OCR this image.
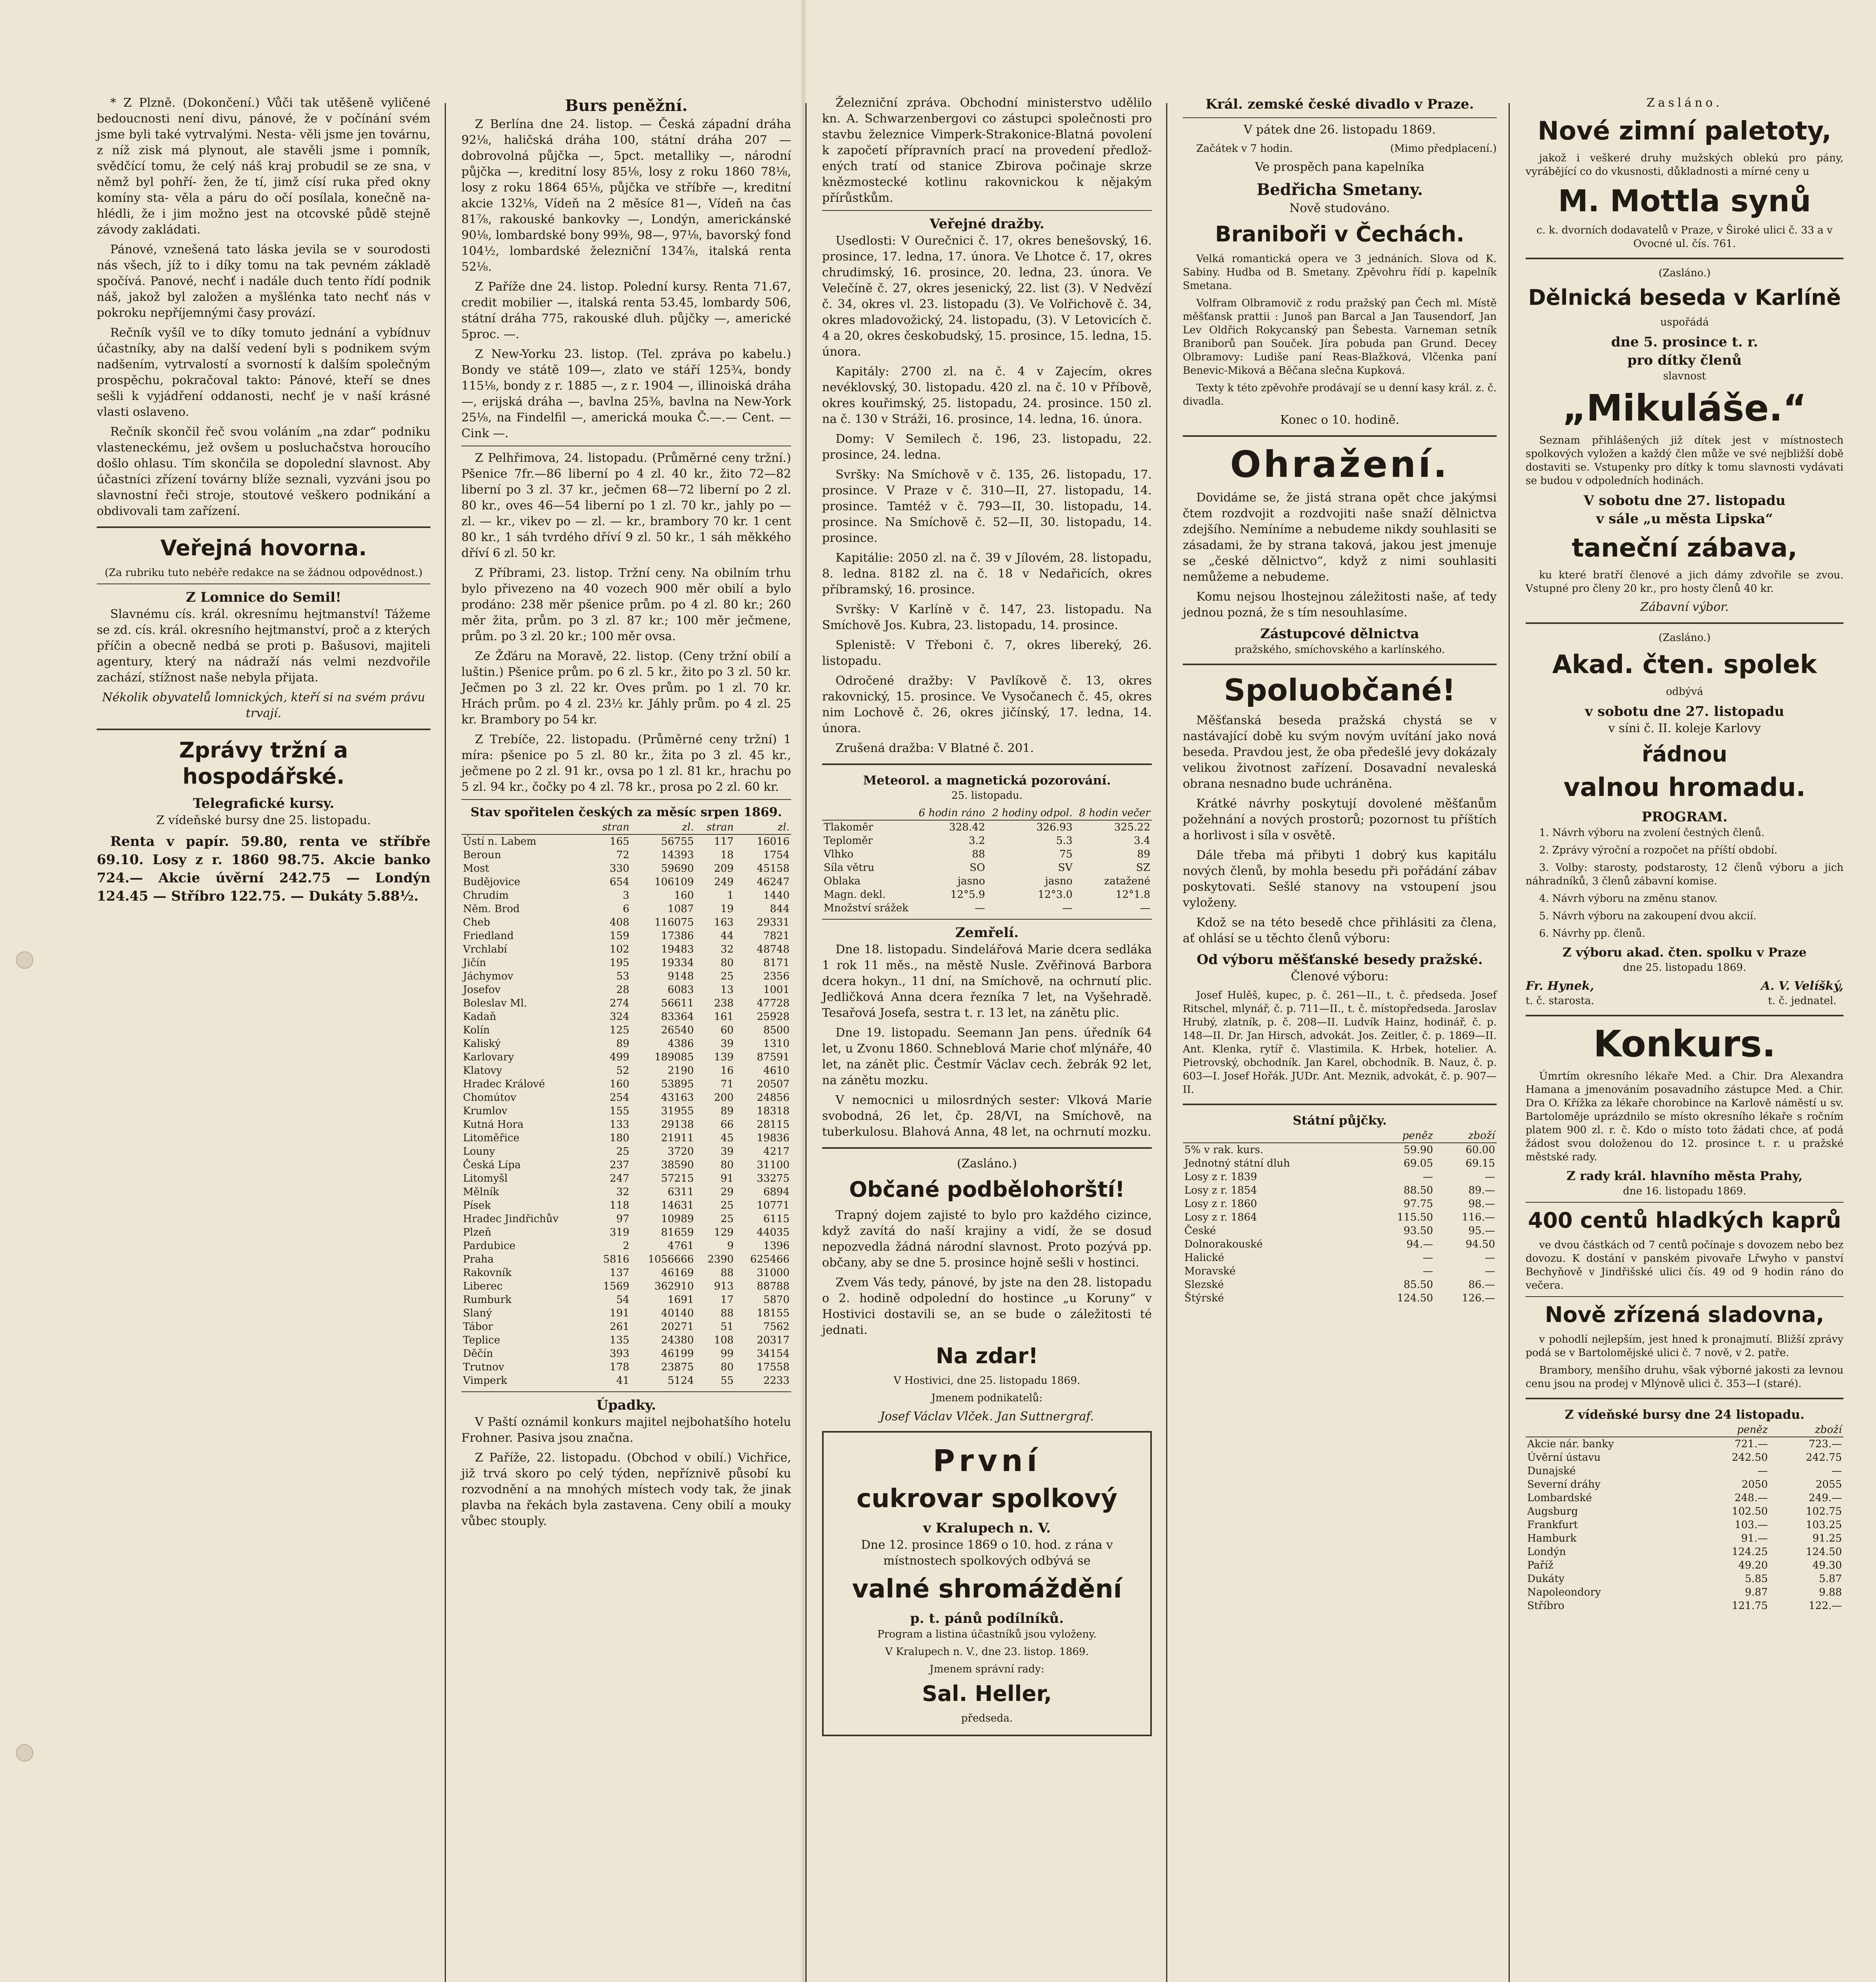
* Z Plzně. (Dokončení.) Vůči tak utěšeně vyličené bedoucnosti není divu, pánové, že v počínání svém jsme byli také vytrvalými. Nesta- věli jsme jen továrnu, z níž zisk má plynout, ale stavěli jsme i pomník, svědčící tomu, že celý náš kraj probudil se ze sna, v němž byl pohří- žen, že tí, jimž císí ruka před okny komíny sta- věla a páru do očí posílala, konečně na- hlédli, že i jim možno jest na otcovské půdě stejně závody zakládati.

Pánové, vznešená tato láska jevila se v sourodosti nás všech, jíž to i díky tomu na tak pevném základě spočívá. Panové, nechť i nadále duch tento řídí podnik náš, jakož byl založen a myšlénka tato nechť nás v pokroku nepříjemnými časy provází.

Rečník vyšíl ve to díky tomuto jednání a vybídnuv účastníky, aby na další vedení byli s podnikem svým nadšením, vytrvalostí a svorností k dalším společným prospěchu, pokračoval takto: Pánové, kteří se dnes sešli k vyjádření oddanosti, nechť je v naší krásné vlasti oslaveno.

Rečník skončil řeč svou voláním „na zdar“ podniku vlasteneckému, jež ovšem u posluchačstva horoucího došlo ohlasu. Tím skončila se dopolední slavnost. Aby účastníci zřízení továrny blíže seznali, vyzváni jsou po slavnostní řeči stroje, stoutové veškero podnikání a obdivovali tam zařízení.

Veřejná hovorna.

(Za rubriku tuto nebéře redakce na se žádnou odpovědnost.)

Z Lomnice do Semil!

Slavnému cís. král. okresnímu hejtmanství! Tážeme se zd. cís. král. okresního hejtmanství, proč a z kterých příčin a obecně nedbá se proti p. Bašusovi, majiteli agentury, který na nádraží nás velmi nezdvořile zachází, stížnost naše nebyla přijata.

Nékolik obyvatelů lomnických, kteří si na svém právu trvají.

Zprávy tržní a hospodářské.
Telegrafické kursy.

Z vídeňské bursy dne 25. listopadu.

Renta v papír. 59.80, renta ve stříbře 69.10. Losy z r. 1860 98.75. Akcie banko 724.— Akcie úvěrní 242.75 — Londýn 124.45 — Stříbro 122.75. — Dukáty 5.88½.

Burs peněžní.

Z Berlína dne 24. listop. — Česká západní dráha 92⅛, haličská dráha 100, státní dráha 207 — dobrovolná půjčka —, 5pct. metalliky —, národní půjčka —, kreditní losy 85⅛, losy z roku 1860 78⅛, losy z roku 1864 65⅛, půjčka ve stříbře —, kreditní akcie 132⅛, Vídeň na 2 měsíce 81—, Vídeň na čas 81⅞, rakouské bankovky —, Londýn, americkánské 90⅛, lombardské bony 99⅜, 98—, 97⅛, bavorský fond 104½, lombardské železniční 134⅞, italská renta 52⅛.

Z Paříže dne 24. listop. Polední kursy. Renta 71.67, credit mobilier —, italská renta 53.45, lombardy 506, státní dráha 775, rakouské dluh. půjčky —, americké 5proc. —.

Z New-Yorku 23. listop. (Tel. zpráva po kabelu.) Bondy ve státě 109—, zlato ve stáří 125¾, bondy 115⅛, bondy z r. 1885 —, z r. 1904 —, illinoiská dráha —, erijská dráha —, bavlna 25⅜, bavlna na New-York 25⅛, na Findelfil —, americká mouka Č.—.— Cent. — Cink —.

Z Pelhřimova, 24. listopadu. (Průměrné ceny tržní.) Pšenice 7fr.—86 liberní po 4 zl. 40 kr., žito 72—82 liberní po 3 zl. 37 kr., ječmen 68—72 liberní po 2 zl. 80 kr., oves 46—54 liberní po 1 zl. 70 kr., jahly po — zl. — kr., vikev po — zl. — kr., brambory 70 kr. 1 cent 80 kr., 1 sáh tvrdého dříví 9 zl. 50 kr., 1 sáh měkkého dříví 6 zl. 50 kr.

Z Příbrami, 23. listop. Tržní ceny. Na obilním trhu bylo přivezeno na 40 vozech 900 měr obilí a bylo prodáno: 238 měr pšenice prům. po 4 zl. 80 kr.; 260 měr žita, prům. po 3 zl. 87 kr.; 100 měr ječmene, prům. po 3 zl. 20 kr.; 100 měr ovsa.

Ze Žďáru na Moravě, 22. listop. (Ceny tržní obilí a luštin.) Pšenice prům. po 6 zl. 5 kr., žito po 3 zl. 50 kr. Ječmen po 3 zl. 22 kr. Oves prům. po 1 zl. 70 kr. Hrách prům. po 4 zl. 23½ kr. Jáhly prům. po 4 zl. 25 kr. Brambory po 54 kr.

Z Trebíče, 22. listopadu. (Průměrné ceny tržní) 1 míra: pšenice po 5 zl. 80 kr., žita po 3 zl. 45 kr., ječmene po 2 zl. 91 kr., ovsa po 1 zl. 81 kr., hrachu po 5 zl. 94 kr., čočky po 4 zl. 78 kr., prosa po 2 zl. 60 kr.

Stav spořitelen českých za měsíc srpen 1869.
	stran	zl.	stran	zl.
Ústí n. Labem	165	56755	117	16016
Beroun	72	14393	18	1754
Most	330	59690	209	45158
Budějovice	654	106109	249	46247
Chrudim	3	160	1	1440
Něm. Brod	6	1087	19	844
Cheb	408	116075	163	29331
Friedland	159	17386	44	7821
Vrchlabí	102	19483	32	48748
Jičín	195	19334	80	8171
Jáchymov	53	9148	25	2356
Josefov	28	6083	13	1001
Boleslav Ml.	274	56611	238	47728
Kadaň	324	83364	161	25928
Kolín	125	26540	60	8500
Kaliský	89	4386	39	1310
Karlovary	499	189085	139	87591
Klatovy	52	2190	16	4610
Hradec Králové	160	53895	71	20507
Chomútov	254	43163	200	24856
Krumlov	155	31955	89	18318
Kutná Hora	133	29138	66	28115
Litoměřice	180	21911	45	19836
Louny	25	3720	39	4217
Česká Lípa	237	38590	80	31100
Litomyšl	247	57215	91	33275
Mělník	32	6311	29	6894
Písek	118	14631	25	10771
Hradec Jindřichův	97	10989	25	6115
Plzeň	319	81659	129	44035
Pardubice	2	4761	9	1396
Praha	5816	1056666	2390	625466
Rakovník	137	46169	88	31000
Liberec	1569	362910	913	88788
Rumburk	54	1691	17	5870
Slaný	191	40140	88	18155
Tábor	261	20271	51	7562
Teplice	135	24380	108	20317
Děčín	393	46199	99	34154
Trutnov	178	23875	80	17558
Vimperk	41	5124	55	2233
Úpadky.

V Paští oznámil konkurs majitel nejbohatšího hotelu Frohner. Pasiva jsou značna.

Z Paříže, 22. listopadu. (Obchod v obilí.) Vichřice, již trvá skoro po celý týden, nepříznivě působí ku rozvodnění a na mnohých místech vody tak, že jinak plavba na řekách byla zastavena. Ceny obilí a mouky vůbec stouply.

Železniční zpráva. Obchodní ministerstvo udělilo kn. A. Schwarzenbergovi co zástupci společnosti pro stavbu železnice Vimperk-Strakonice-Blatná povolení k započetí přípravních prací na provedení předložených tratí od stanice Zbirova počinaje skrze knězmostecké kotlinu rakovnickou k nějakým přírůstkům.

Veřejné dražby.

Usedlosti: V Ourečnici č. 17, okres benešovský, 16. prosince, 17. ledna, 17. února. Ve Lhotce č. 17, okres chrudimský, 16. prosince, 20. ledna, 23. února. Ve Velečíně č. 27, okres jesenický, 22. list (3). V Nedvězí č. 34, okres vl. 23. listopadu (3). Ve Volřichově č. 34, okres mladovožický, 24. listopadu, (3). V Letovicích č. 4 a 20, okres českobudský, 15. prosince, 15. ledna, 15. února.

Kapitály: 2700 zl. na č. 4 v Zajecím, okres nevéklovský, 30. listopadu. 420 zl. na č. 10 v Příbově, okres kouřimský, 25. listopadu, 24. prosince. 150 zl. na č. 130 v Stráži, 16. prosince, 14. ledna, 16. února.

Domy: V Semilech č. 196, 23. listopadu, 22. prosince, 24. ledna.

Svršky: Na Smíchově v č. 135, 26. listopadu, 17. prosince. V Praze v č. 310—II, 27. listopadu, 14. prosince. Tamtéž v č. 793—II, 30. listopadu, 14. prosince. Na Smíchově č. 52—II, 30. listopadu, 14. prosince.

Kapitálie: 2050 zl. na č. 39 v Jílovém, 28. listopadu, 8. ledna. 8182 zl. na č. 18 v Nedařicích, okres příbramský, 16. prosince.

Svršky: V Karlíně v č. 147, 23. listopadu. Na Smíchově Jos. Kubra, 23. listopadu, 14. prosince.

Splenistě: V Třeboni č. 7, okres libereký, 26. listopadu.

Odročené dražby: V Pavlíkově č. 13, okres rakovnický, 15. prosince. Ve Vysočanech č. 45, okres nim Lochově č. 26, okres jičínský, 17. ledna, 14. února.

Zrušená dražba: V Blatné č. 201.

Meteorol. a magnetická pozorování.

25. listopadu.

	6 hodin ráno	2 hodiny odpol.	8 hodin večer
Tlakoměr	328.42	326.93	325.22
Teploměr	3.2	5.3	3.4
Vlhko	88	75	89
Síla větru	SO	SV	SZ
Oblaka	jasno	jasno	zatažené
Magn. dekl.	12°5.9	12°3.0	12°1.8
Množství srážek	—	—	—
Zemřelí.

Dne 18. listopadu. Sindelářová Marie dcera sedláka 1 rok 11 měs., na městě Nusle. Zvěřinová Barbora dcera hokyn., 11 dní, na Smíchově, na ochrnutí plic. Jedličková Anna dcera řezníka 7 let, na Vyšehradě. Tesařová Josefa, sestra t. r. 13 let, na zánětu plic.

Dne 19. listopadu. Seemann Jan pens. úředník 64 let, u Zvonu 1860. Schneblová Marie choť mlýnáře, 40 let, na zánět plic. Čestmír Václav cech. žebrák 92 let, na zánětu mozku.

V nemocnici u milosrdných sester: Vlková Marie svobodná, 26 let, čp. 28/VI, na Smíchově, na tuberkulosu. Blahová Anna, 48 let, na ochrnutí mozku.

(Zasláno.)

Občané podbělohorští!

Trapný dojem zajisté to bylo pro každého cizince, když zavítá do naší krajiny a vidí, že se dosud nepozvedla žádná národní slavnost. Proto pozývá pp. občany, aby se dne 5. prosince hojně sešli v hostinci.

Zvem Vás tedy, pánové, by jste na den 28. listopadu o 2. hodině odpolední do hostince „u Koruny“ v Hostivici dostavili se, an se bude o záležitosti té jednati.

Na zdar!

V Hostivici, dne 25. listopadu 1869.

Jmenem podnikatelů:

Josef Václav Vlček. Jan Suttnergraf.

První
cukrovar spolkový
v Kralupech n. V.

Dne 12. prosince 1869 o 10. hod. z rána v místnostech spolkových odbývá se

valné shromáždění
p. t. pánů podílníků.

Program a listina účastníků jsou vyloženy.

V Kralupech n. V., dne 23. listop. 1869.

Jmenem správní rady:

Sal. Heller,

předseda.

Král. zemské české divadlo v Praze.

V pátek dne 26. listopadu 1869.

Začátek v 7 hodin.	(Mimo předplacení.)

Ve prospěch pana kapelníka

Bedřicha Smetany.

Nově studováno.

Braniboři v Čechách.

Velká romantická opera ve 3 jednáních. Slova od K. Sabiny. Hudba od B. Smetany. Zpěvohru řídí p. kapelník Smetana.

Volfram Olbramovič z rodu pražský pan Čech ml. Místě měšťansk prattii : Junoš pan Barcal a Jan Tausendorf, Jan Lev Oldřich Rokycanský pan Šebesta. Varneman setník Braniborů pan Souček. Jíra pobuda pan Grund. Decey Olbramovy: Ludiše paní Reas-Blažková, Vlčenka paní Benevic-Miková a Běčana slečna Kupková.

Texty k této zpěvohře prodávají se u denní kasy král. z. č. divadla.

Konec o 10. hodině.

Ohražení.

Dovidáme se, že jistá strana opět chce jakýmsi čtem rozdvojit a rozdvojiti naše snaží dělnictva zdejšího. Nemíníme a nebudeme nikdy souhlasiti se zásadami, že by strana taková, jakou jest jmenuje se „české dělnictvo“, když z nimi souhlasiti nemůžeme a nebudeme.

Komu nejsou lhostejnou záležitosti naše, ať tedy jednou pozná, že s tím nesouhlasíme.

Zástupcové dělnictva

pražského, smíchovského a karlínského.

Spoluobčané!

Měšťanská beseda pražská chystá se v nastávající době ku svým novým uvítání jako nová beseda. Pravdou jest, že oba předešlé jevy dokázaly velikou životnost zařízení. Dosavadní nevaleská obrana nesnadno bude uchráněna.

Krátké návrhy poskytují dovolené měšťanům požehnání a nových prostorů; pozornost tu příštích a horlivost i síla v osvětě.

Dále třeba má přibyti 1 dobrý kus kapitálu nových členů, by mohla besedu při pořádání zábav poskytovati. Sešlé stanovy na vstoupení jsou vyloženy.

Kdož se na této besedě chce přihlásiti za člena, ať ohlásí se u těchto členů výboru:

Od výboru měšťanské besedy pražské.

Členové výboru:

Josef Hulěš, kupec, p. č. 261—II., t. č. předseda. Josef Ritschel, mlynář, č. p. 711—II., t. č. místopředseda. Jaroslav Hrubý, zlatník, p. č. 208—II. Ludvík Hainz, hodinář, č. p. 148—II. Dr. Jan Hirsch, advokát. Jos. Zeitler, č. p. 1869—II. Ant. Klenka, rytíř č. Vlastimila. K. Hrbek, hotelier. A. Pietrovský, obchodník. Jan Karel, obchodník. B. Nauz, č. p. 603—I. Josef Hořák. JUDr. Ant. Meznik, advokát, č. p. 907—II.

Státní půjčky.
	peněz	zboží
5% v rak. kurs.	59.90	60.00
Jednotný státní dluh	69.05	69.15
Losy z r. 1839	—	—
Losy z r. 1854	88.50	89.—
Losy z r. 1860	97.75	98.—
Losy z r. 1864	115.50	116.—
České	93.50	95.—
Dolnorakouské	94.—	94.50
Halické	—	—
Moravské	—	—
Slezské	85.50	86.—
Štýrské	124.50	126.—

Zasláno.

Nové zimní paletoty,

jakož i veškeré druhy mužských oblekú pro pány, vyrábějící co do vkusnosti, důkladnosti a mírné ceny u

M. Mottla synů

c. k. dvorních dodavatelů v Praze, v Široké ulici č. 33 a v Ovocné ul. čís. 761.

(Zasláno.)

Dělnická beseda v Karlíně

uspořádá

dne 5. prosince t. r.
pro dítky členů

slavnost

„Mikuláše.“

Seznam přihlášených již dítek jest v místnostech spolkových vyložen a každý člen může ve své nejbližší době dostaviti se. Vstupenky pro dítky k tomu slavnosti vydávati se budou v odpoledních hodinách.

V sobotu dne 27. listopadu
v sále „u města Lipska“
taneční zábava,

ku které bratří členové a jich dámy zdvořile se zvou. Vstupné pro členy 20 kr., pro hosty členů 40 kr.

Zábavní výbor.

(Zasláno.)

Akad. čten. spolek

odbývá

v sobotu dne 27. listopadu

v síni č. II. koleje Karlovy

řádnou
valnou hromadu.
PROGRAM.

1. Návrh výboru na zvolení čestných členů.

2. Zprávy výroční a rozpočet na příští období.

3. Volby: starosty, podstarosty, 12 členů výboru a jich náhradníků, 3 členů zábavní komise.

4. Návrh výboru na změnu stanov.

5. Návrh výboru na zakoupení dvou akcií.

6. Návrhy pp. členů.

Z výboru akad. čten. spolku v Praze

dne 25. listopadu 1869.

Fr. Hynek,
t. č. starosta.
A. V. Velíšký,
t. č. jednatel.
Konkurs.

Úmrtím okresního lékaře Med. a Chir. Dra Alexandra Hamana a jmenováním posavadního zástupce Med. a Chir. Dra O. Křížka za lékaře chorobince na Karlově náměstí u sv. Bartoloměje uprázdnilo se místo okresního lékaře s ročním platem 900 zl. r. č. Kdo o místo toto žádati chce, ať podá žádost svou doloženou do 12. prosince t. r. u pražské městské rady.

Z rady král. hlavního města Prahy,

dne 16. listopadu 1869.

400 centů hladkých kaprů

ve dvou částkách od 7 centů počínaje s dovozem nebo bez dovozu. K dostání v panském pivovaře Lřwyho v panství Bechyňově v Jindřišské ulici čís. 49 od 9 hodin ráno do večera.

Nově zřízená sladovna,

v pohodlí nejlepším, jest hned k pronajmutí. Bližší zprávy podá se v Bartolomějské ulici č. 7 nově, v 2. patře.

Brambory, menšího druhu, však výborné jakosti za levnou cenu jsou na prodej v Mlýnově ulici č. 353—I (staré).

Z vídeňské bursy dne 24 listopadu.
	peněz	zboží
Akcie nár. banky	721.—	723.—
Úvěrní ústavu	242.50	242.75
Dunajské	—	—
Severní dráhy	2050	2055
Lombardské	248.—	249.—
Augsburg	102.50	102.75
Frankfurt	103.—	103.25
Hamburk	91.—	91.25
Londýn	124.25	124.50
Paříž	49.20	49.30
Dukáty	5.85	5.87
Napoleondory	9.87	9.88
Stříbro	121.75	122.—
